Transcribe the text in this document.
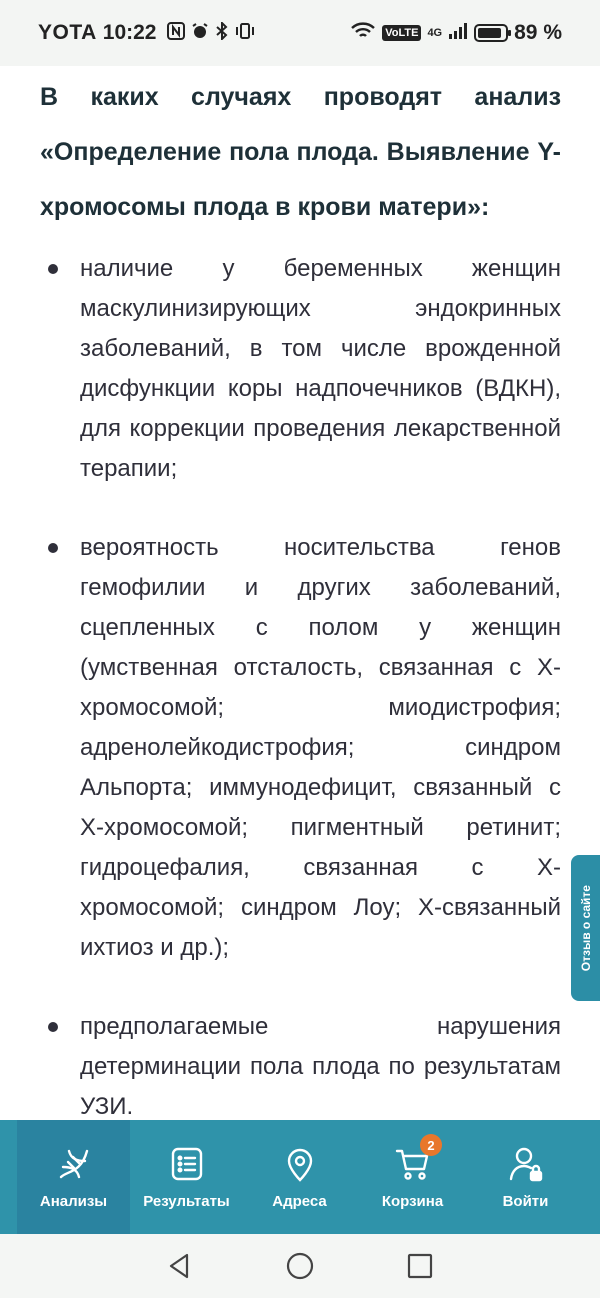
YOTA 10:22	VoLTE 4G	89 %
В каких случаях проводят анализ «Определение пола плода. Выявление Y-хромосомы плода в крови матери»:
наличие у беременных женщин маскулинизирующих эндокринных заболеваний, в том числе врожденной дисфункции коры надпочечников (ВДКН), для коррекции проведения лекарственной терапии;
вероятность носительства генов гемофилии и других заболеваний, сцепленных с полом у женщин (умственная отсталость, связанная с X-хромосомой; миодистрофия; адренолейкодистрофия; синдром Альпорта; иммунодефицит, связанный с X-хромосомой; пигментный ретинит; гидроцефалия, связанная с X-хромосомой; синдром Лоу; X-связанный ихтиоз и др.);
предполагаемые нарушения детерминации пола плода по результатам УЗИ.
Отзыв о сайте
Анализы Результаты	Адреса
2
Корзина	Войти
